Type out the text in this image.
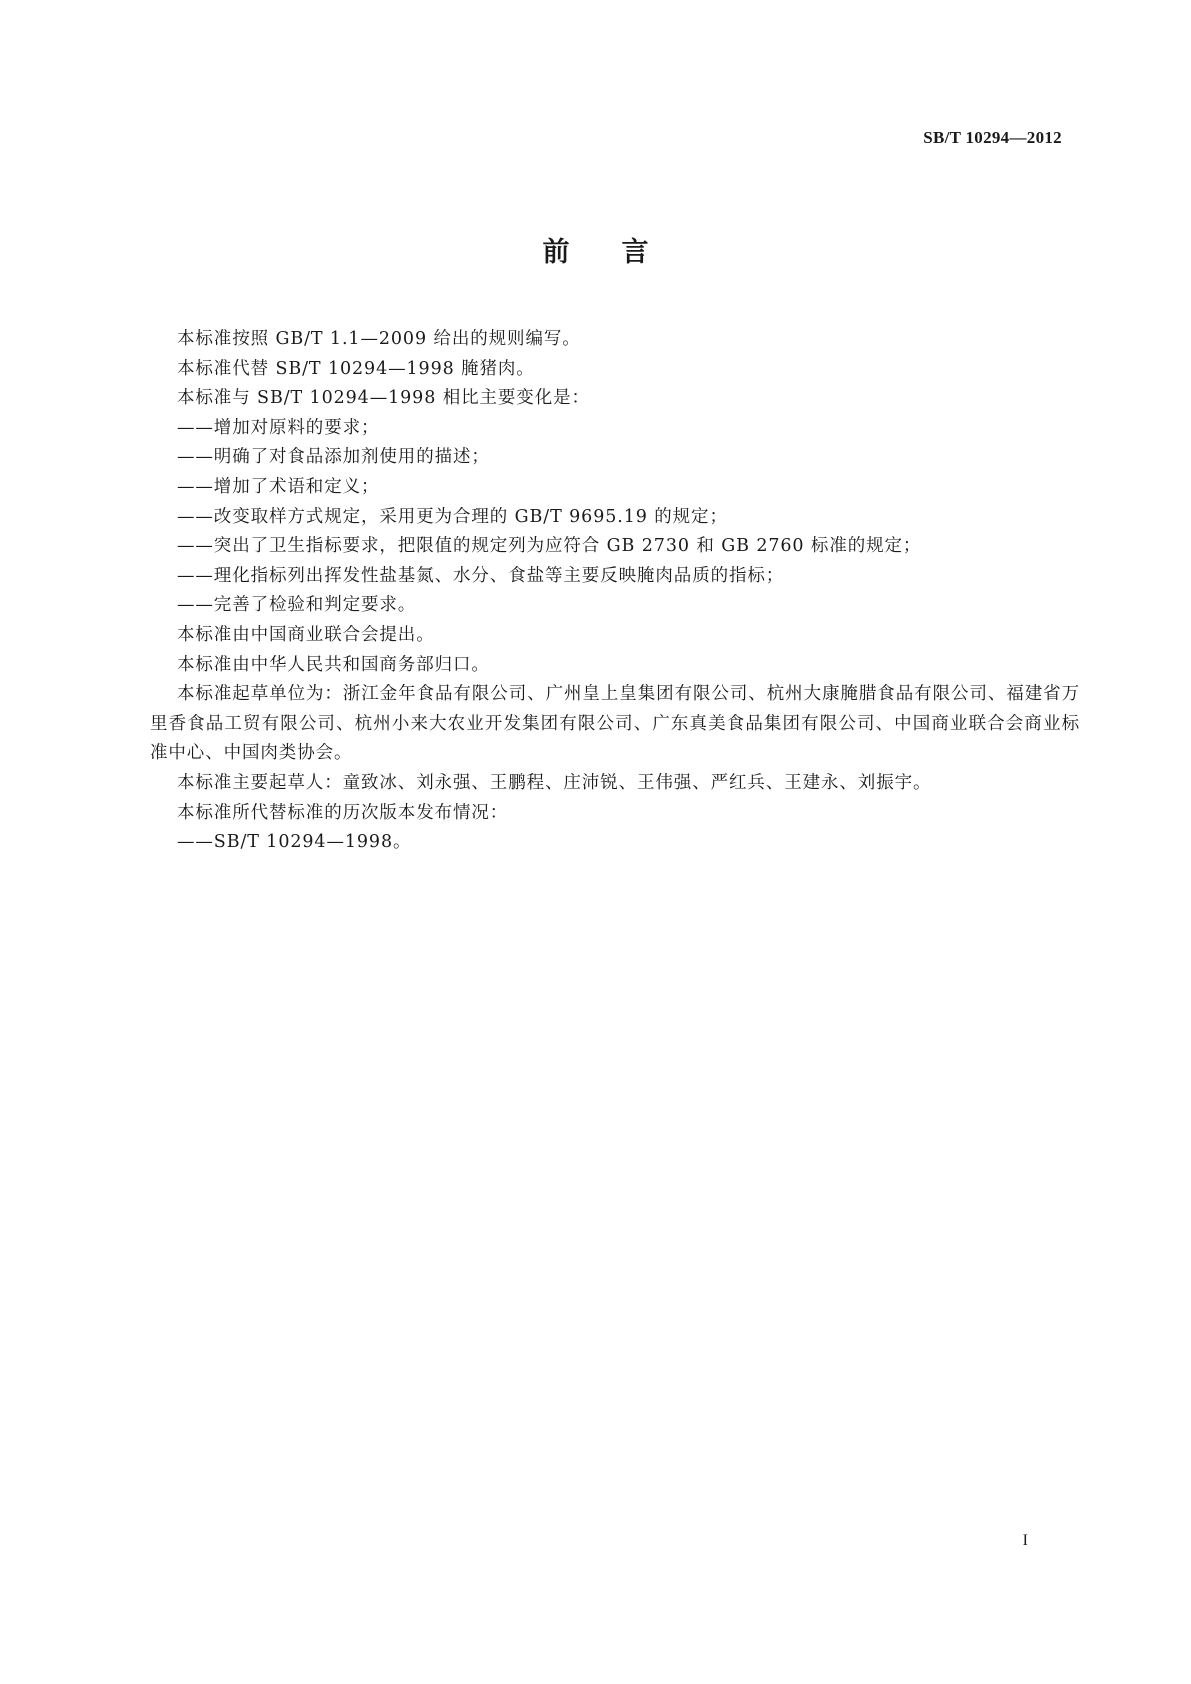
SB/T 10294—2012
前言

本标准按照 GB/T 1.1—2009 给出的规则编写。

本标准代替 SB/T 10294—1998 腌猪肉。

本标准与 SB/T 10294—1998 相比主要变化是：

——增加对原料的要求；

——明确了对食品添加剂使用的描述；

——增加了术语和定义；

——改变取样方式规定，采用更为合理的 GB/T 9695.19 的规定；

——突出了卫生指标要求，把限值的规定列为应符合 GB 2730 和 GB 2760 标准的规定；

——理化指标列出挥发性盐基氮、水分、食盐等主要反映腌肉品质的指标；

——完善了检验和判定要求。

本标准由中国商业联合会提出。

本标准由中华人民共和国商务部归口。

本标准起草单位为：浙江金年食品有限公司、广州皇上皇集团有限公司、杭州大康腌腊食品有限公司、福建省万里香食品工贸有限公司、杭州小来大农业开发集团有限公司、广东真美食品集团有限公司、中国商业联合会商业标准中心、中国肉类协会。

本标准主要起草人：童致冰、刘永强、王鹏程、庄沛锐、王伟强、严红兵、王建永、刘振宇。

本标准所代替标准的历次版本发布情况：

——SB/T 10294—1998。

I
